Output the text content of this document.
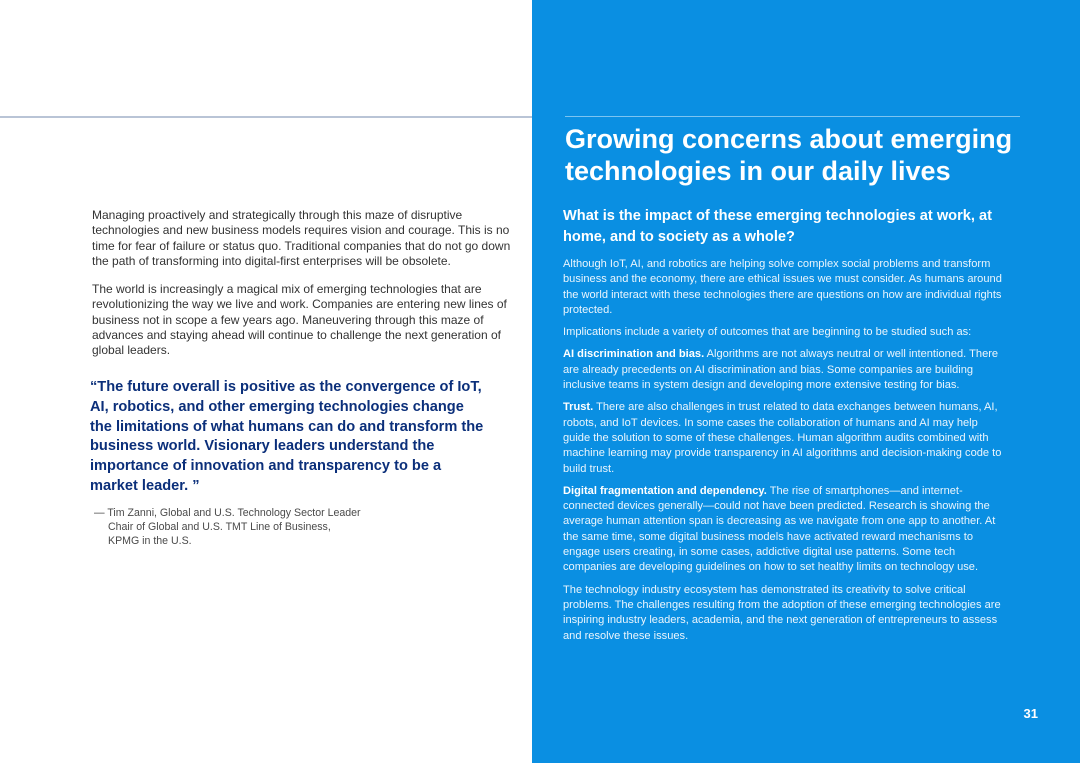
Managing proactively and strategically through this maze of disruptive technologies and new business models requires vision and courage. This is no time for fear of failure or status quo. Traditional companies that do not go down the path of transforming into digital-first enterprises will be obsolete.

The world is increasingly a magical mix of emerging technologies that are revolutionizing the way we live and work. Companies are entering new lines of business not in scope a few years ago. Maneuvering through this maze of advances and staying ahead will continue to challenge the next generation of global leaders.

“The future overall is positive as the convergence of IoT, AI, robotics, and other emerging technologies change the limitations of what humans can do and transform the business world. Visionary leaders understand the importance of innovation and transparency to be a market leader. ”
— Tim Zanni, Global and U.S. Technology Sector Leader
Chair of Global and U.S. TMT Line of Business,
KPMG in the U.S.
Growing concerns about emerging technologies in our daily lives
What is the impact of these emerging technologies at work, at home, and to society as a whole?

Although IoT, AI, and robotics are helping solve complex social problems and transform business and the economy, there are ethical issues we must consider. As humans around the world interact with these technologies there are questions on how are individual rights protected.

Implications include a variety of outcomes that are beginning to be studied such as:

AI discrimination and bias. Algorithms are not always neutral or well intentioned. There are already precedents on AI discrimination and bias. Some companies are building inclusive teams in system design and developing more extensive testing for bias.

Trust. There are also challenges in trust related to data exchanges between humans, AI, robots, and IoT devices. In some cases the collaboration of humans and AI may help guide the solution to some of these challenges. Human algorithm audits combined with machine learning may provide transparency in AI algorithms and decision-making code to build trust.

Digital fragmentation and dependency. The rise of smartphones—and internet-connected devices generally—could not have been predicted. Research is showing the average human attention span is decreasing as we navigate from one app to another. At the same time, some digital business models have activated reward mechanisms to engage users creating, in some cases, addictive digital use patterns. Some tech companies are developing guidelines on how to set healthy limits on technology use.

The technology industry ecosystem has demonstrated its creativity to solve critical problems. The challenges resulting from the adoption of these emerging technologies are inspiring industry leaders, academia, and the next generation of entrepreneurs to assess and resolve these issues.

31
